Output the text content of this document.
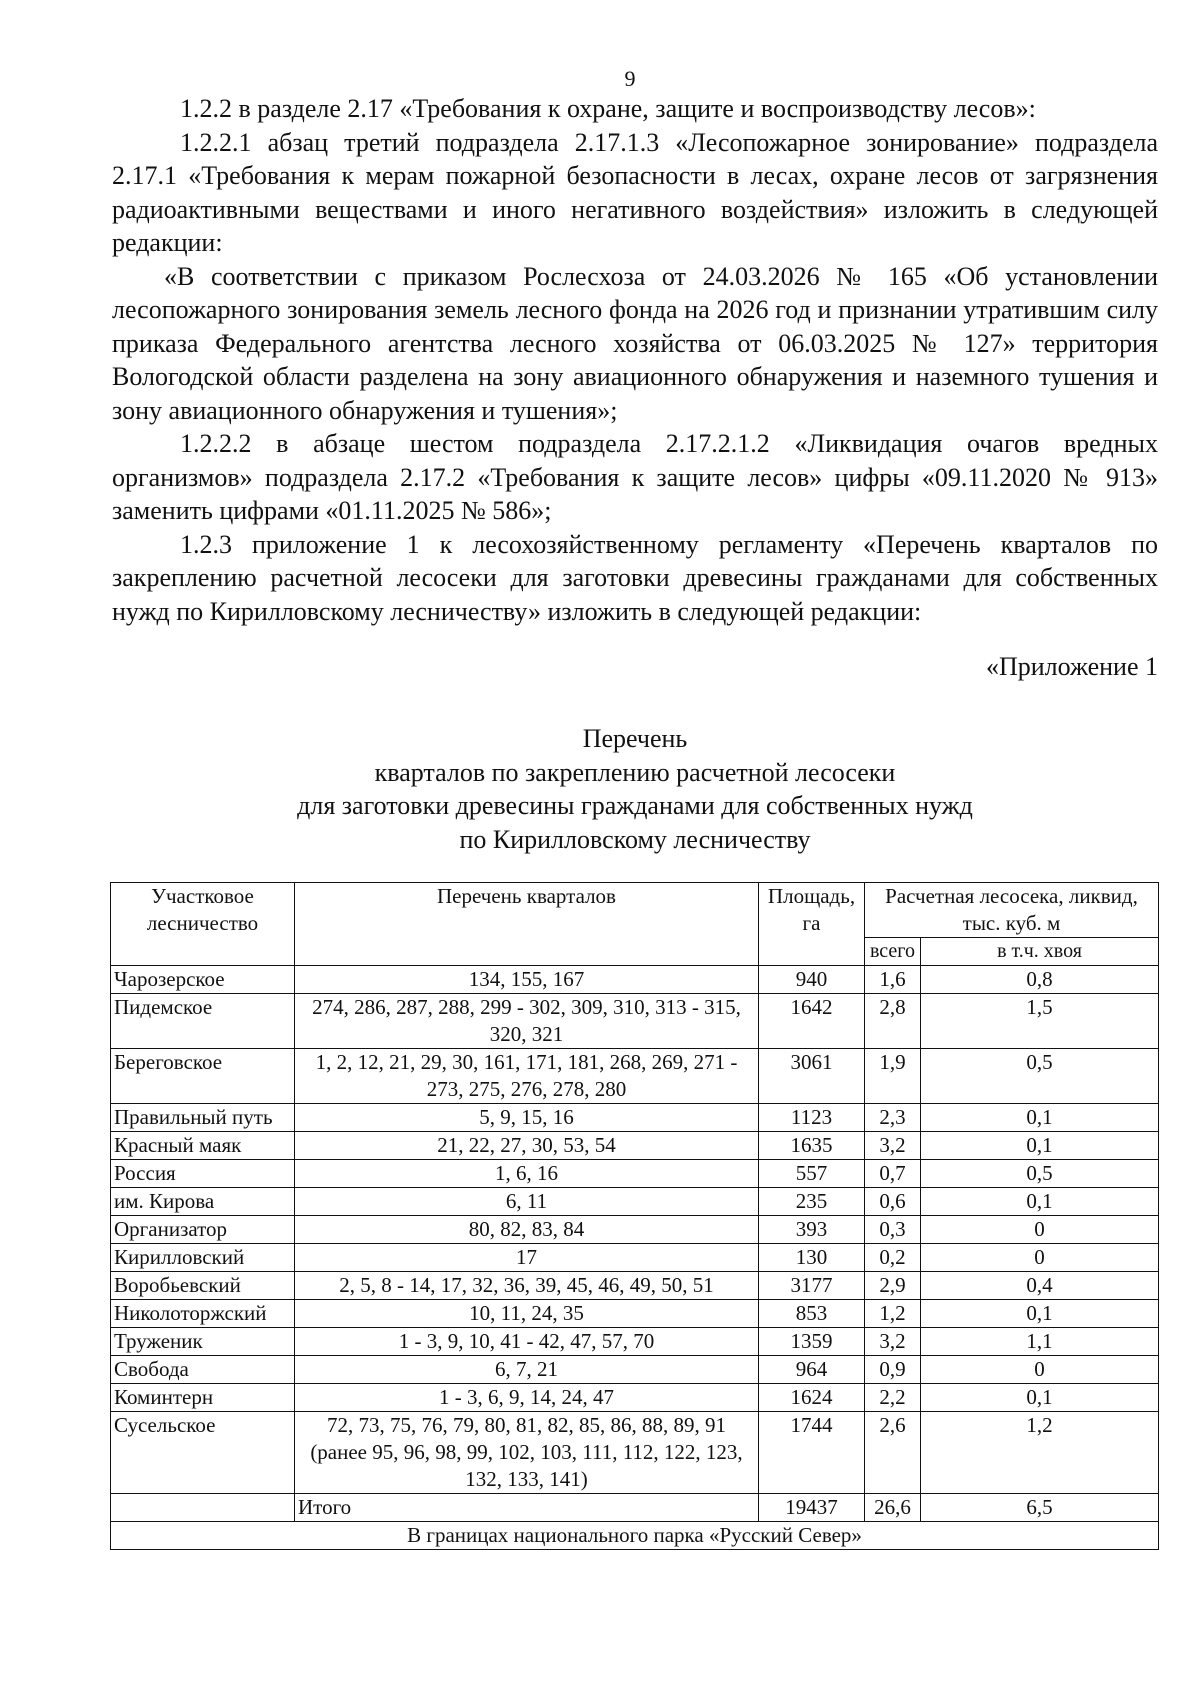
9

1.2.2 в разделе 2.17 «Требования к охране, защите и воспроизводству лесов»:

1.2.2.1 абзац третий подраздела 2.17.1.3 «Лесопожарное зонирование» подраздела 2.17.1 «Требования к мерам пожарной безопасности в лесах, охране лесов от загрязнения радиоактивными веществами и иного негативного воздействия» изложить в следующей редакции:

«В соответствии с приказом Рослесхоза от 24.03.2026 № 165 «Об установлении лесопожарного зонирования земель лесного фонда на 2026 год и признании утратившим силу приказа Федерального агентства лесного хозяйства от 06.03.2025 № 127» территория Вологодской области разделена на зону авиационного обнаружения и наземного тушения и зону авиационного обнаружения и тушения»;

1.2.2.2 в абзаце шестом подраздела 2.17.2.1.2 «Ликвидация очагов вредных организмов» подраздела 2.17.2 «Требования к защите лесов» цифры «09.11.2020 № 913» заменить цифрами «01.11.2025 № 586»;

1.2.3 приложение 1 к лесохозяйственному регламенту «Перечень кварталов по закреплению расчетной лесосеки для заготовки древесины гражданами для собственных нужд по Кирилловскому лесничеству» изложить в следующей редакции:

«Приложение 1
Перечень
кварталов по закреплению расчетной лесосеки
для заготовки древесины гражданами для собственных нужд
по Кирилловскому лесничеству
Участковое лесничество	Перечень кварталов	Площадь, га	Расчетная лесосека, ликвид, тыс. куб. м	
			всего	в т.ч. хвоя
Чарозерское	134, 155, 167	940	1,6	0,8
Пидемское	274, 286, 287, 288, 299 - 302, 309, 310, 313 - 315, 320, 321	1642	2,8	1,5
Береговское	1, 2, 12, 21, 29, 30, 161, 171, 181, 268, 269, 271 - 273, 275, 276, 278, 280	3061	1,9	0,5
Правильный путь	5, 9, 15, 16	1123	2,3	0,1
Красный маяк	21, 22, 27, 30, 53, 54	1635	3,2	0,1
Россия	1, 6, 16	557	0,7	0,5
им. Кирова	6, 11	235	0,6	0,1
Организатор	80, 82, 83, 84	393	0,3	0
Кирилловский	17	130	0,2	0
Воробьевский	2, 5, 8 - 14, 17, 32, 36, 39, 45, 46, 49, 50, 51	3177	2,9	0,4
Николоторжский	10, 11, 24, 35	853	1,2	0,1
Труженик	1 - 3, 9, 10, 41 - 42, 47, 57, 70	1359	3,2	1,1
Свобода	6, 7, 21	964	0,9	0
Коминтерн	1 - 3, 6, 9, 14, 24, 47	1624	2,2	0,1
Сусельское	72, 73, 75, 76, 79, 80, 81, 82, 85, 86, 88, 89, 91 (ранее 95, 96, 98, 99, 102, 103, 111, 112, 122, 123, 132, 133, 141)	1744	2,6	1,2
	Итого	19437	26,6	6,5
В границах национального парка «Русский Север»				
